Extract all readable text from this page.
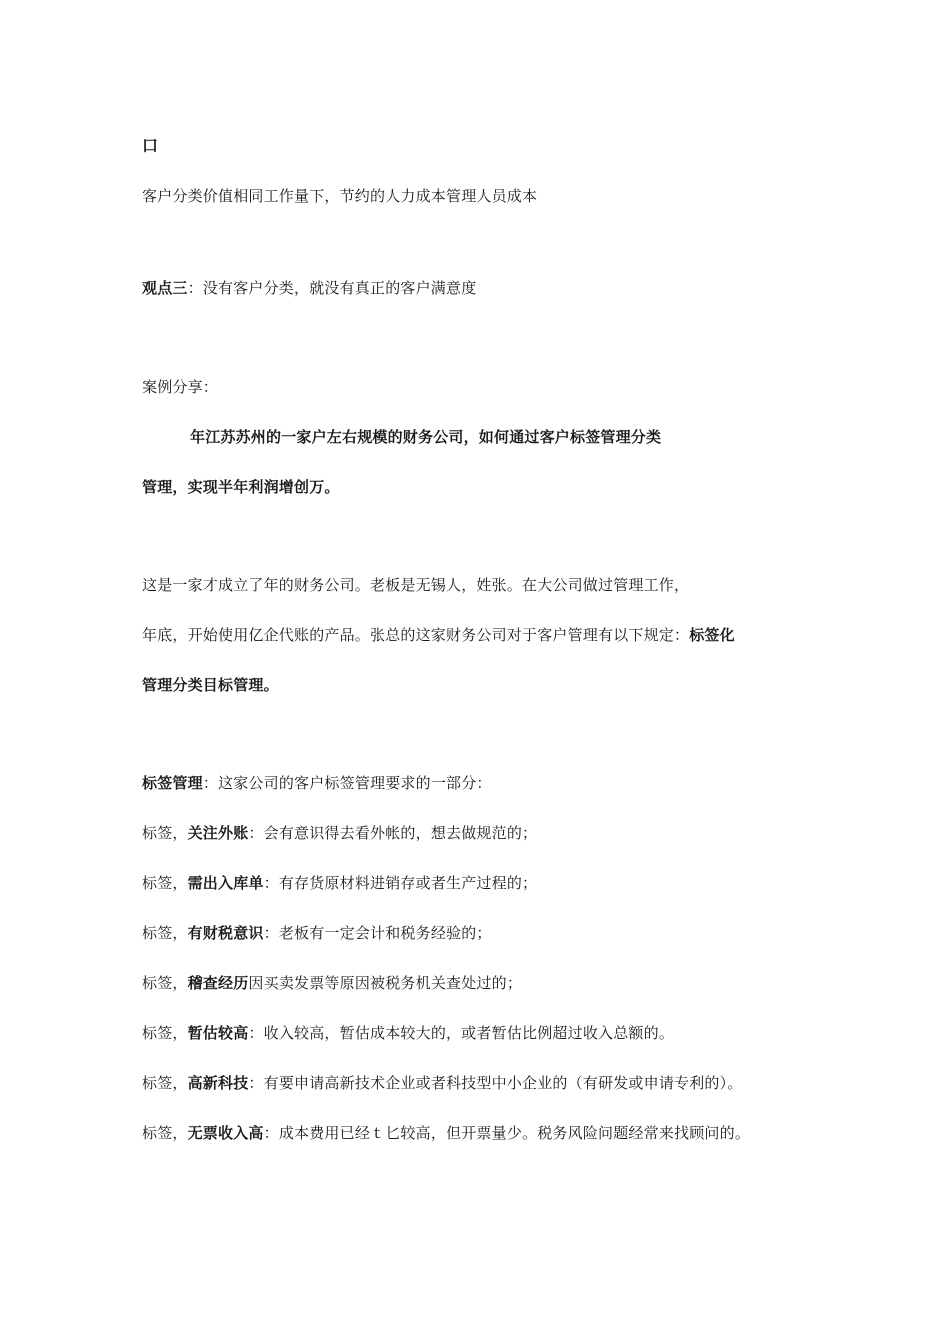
口
客户分类价值相同工作量下，节约的人力成本管理人员成本
观点三：没有客户分类，就没有真正的客户满意度
案例分享：
年江苏苏州的一家户左右规模的财务公司，如何通过客户标签管理分类
管理，实现半年利润增创万。
这是一家才成立了年的财务公司。老板是无锡人，姓张。在大公司做过管理工作，
年底，开始使用亿企代账的产品。张总的这家财务公司对于客户管理有以下规定：标签化
管理分类目标管理。
标签管理：这家公司的客户标签管理要求的一部分：
标签，关注外账：会有意识得去看外帐的，想去做规范的；
标签，需出入库单：有存货原材料进销存或者生产过程的；
标签，有财税意识：老板有一定会计和税务经验的；
标签，稽查经历因买卖发票等原因被税务机关查处过的；
标签，暂估较高：收入较高，暂估成本较大的，或者暂估比例超过收入总额的。
标签，高新科技：有要申请高新技术企业或者科技型中小企业的（有研发或申请专利的）。
标签，无票收入高：成本费用已经ｔ匕较高，但开票量少。税务风险问题经常来找顾问的。
